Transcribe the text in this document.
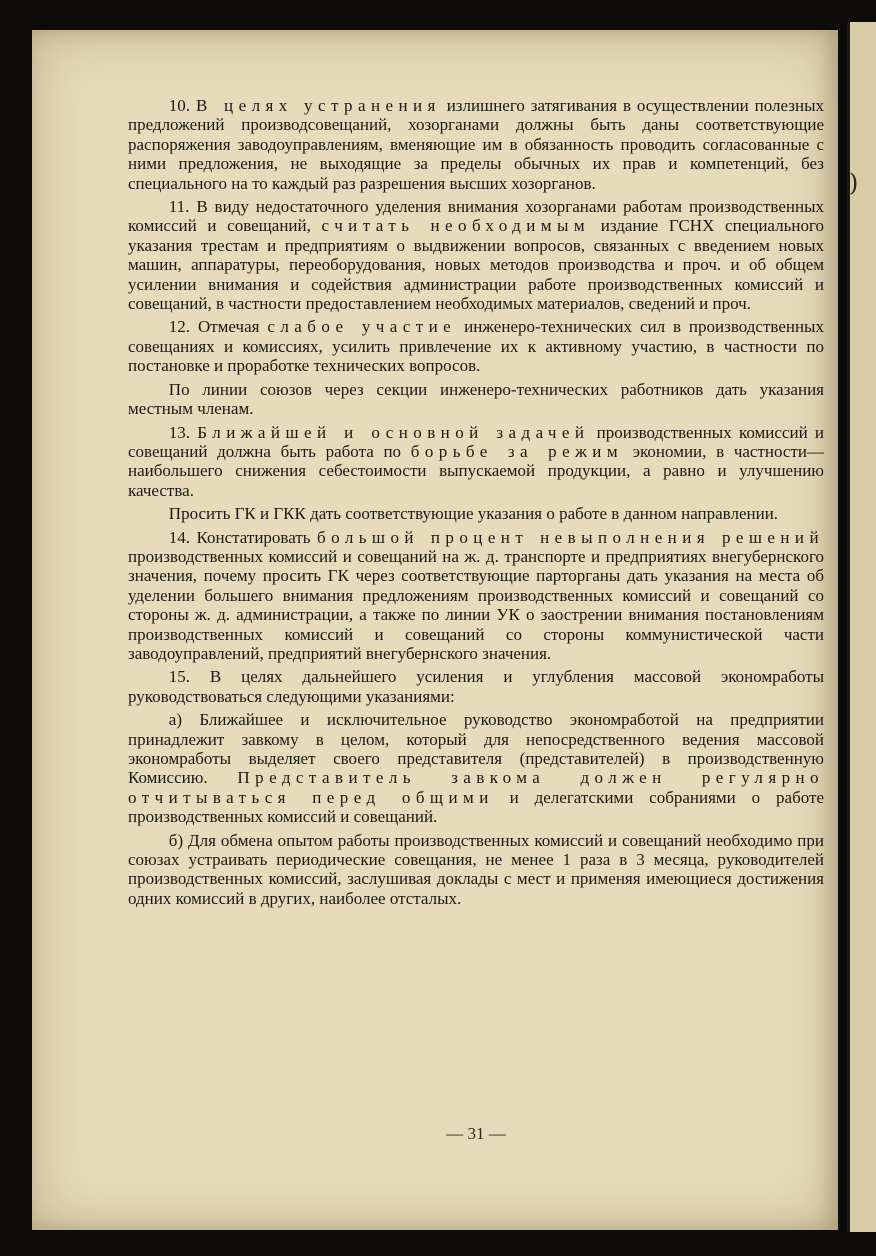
)

10. В целях устранения излишнего затягивания в осуществлении полезных предложений производсовещаний, хозорганами должны быть даны соответствующие распоряжения заводоуправлениям, вменяющие им в обязанность проводить согласованные с ними предложения, не выходящие за пределы обычных их прав и компетенций, без специального на то каждый раз разрешения высших хозорганов.

11. В виду недостаточного уделения внимания хозорганами работам производственных комиссий и совещаний, считать необходимым издание ГСНХ специального указания трестам и предприятиям о выдвижении вопросов, связанных с введением новых машин, аппаратуры, переоборудования, новых методов производства и проч. и об общем усилении внимания и содействия администрации работе производственных комиссий и совещаний, в частности предоставлением необходимых материалов, сведений и проч.

12. Отмечая слабое участие инженеро-технических сил в производственных совещаниях и комиссиях, усилить привлечение их к активному участию, в частности по постановке и проработке технических вопросов.

По линии союзов через секции инженеро-технических работников дать указания местным членам.

13. Ближайшей и основной задачей производственных комиссий и совещаний должна быть работа по борьбе за режим экономии, в частности—наибольшего снижения себестоимости выпускаемой продукции, а равно и улучшению качества.

Просить ГК и ГКК дать соответствующие указания о работе в данном направлении.

14. Констатировать большой процент невыполнения решений производственных комиссий и совещаний на ж. д. транспорте и предприятиях внегубернского значения, почему просить ГК через соответствующие парторганы дать указания на места об уделении большего внимания предложениям производственных комиссий и совещаний со стороны ж. д. администрации, а также по линии УК о заострении внимания постановлениям производственных комиссий и совещаний со стороны коммунистической части заводоуправлений, предприятий внегубернского значения.

15. В целях дальнейшего усиления и углубления массовой экономработы руководствоваться следующими указаниями:

а) Ближайшее и исключительное руководство экономработой на предприятии принадлежит завкому в целом, который для непосредственного ведения массовой экономработы выделяет своего представителя (представителей) в производственную Комиссию. Представитель завкома должен регулярно отчитываться перед общими и делегатскими собраниями о работе производственных комиссий и совещаний.

б) Для обмена опытом работы производственных комиссий и совещаний необходимо при союзах устраивать периодические совещания, не менее 1 раза в 3 месяца, руководителей производственных комиссий, заслушивая доклады с мест и применяя имеющиеся достижения одних комиссий в других, наиболее отсталых.

— 31 —
